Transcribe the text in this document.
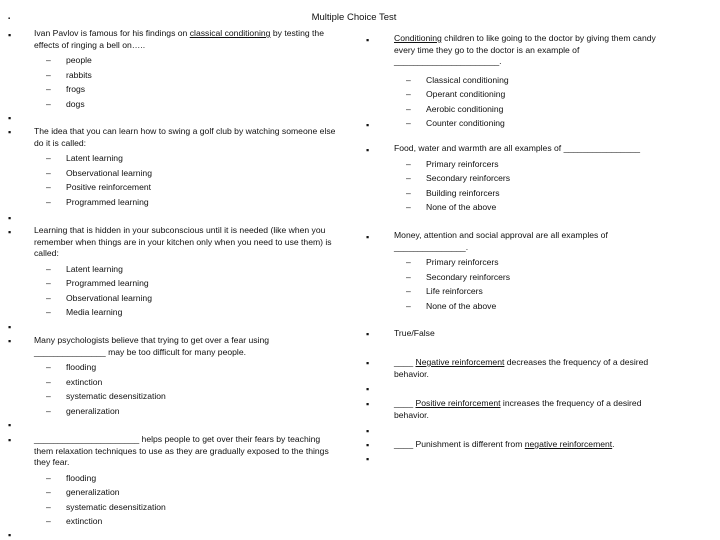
Multiple Choice Test
▪
▪
▪
▪
▪
▪
▪
▪
▪
▪
▪
▪
▪
▪
▪
▪
▪
▪
▪
▪
▪
▪

Ivan Pavlov is famous for his findings on classical conditioning by testing the effects of ringing a bell on…..

– people
– rabbits
– frogs
– dogs

The idea that you can learn how to swing a golf club by watching someone else do it is called:

– Latent learning
– Observational learning
– Positive reinforcement
– Programmed learning

Learning that is hidden in your subconscious until it is needed (like when you remember when things are in your kitchen only when you need to use them) is called:

– Latent learning
– Programmed learning
– Observational learning
– Media learning

Many psychologists believe that trying to get over a fear using _______________ may be too difficult for many people.

– flooding
– extinction
– systematic desensitization
– generalization

______________________ helps people to get over their fears by teaching them relaxation techniques to use as they are gradually exposed to the things they fear.

– flooding
– generalization
– systematic desensitization
– extinction

Conditioning children to like going to the doctor by giving them candy every time they go to the doctor is an example of
______________________.

– Classical conditioning
– Operant conditioning
– Aerobic conditioning
– Counter conditioning

Food, water and warmth are all examples of ________________

– Primary reinforcers
– Secondary reinforcers
– Building reinforcers
– None of the above

Money, attention and social approval are all examples of
_______________.

– Primary reinforcers
– Secondary reinforcers
– Life reinforcers
– None of the above
True/False

____ Negative reinforcement decreases the frequency of a desired behavior.

____ Positive reinforcement increases the frequency of a desired behavior.

____ Punishment is different from negative reinforcement.
